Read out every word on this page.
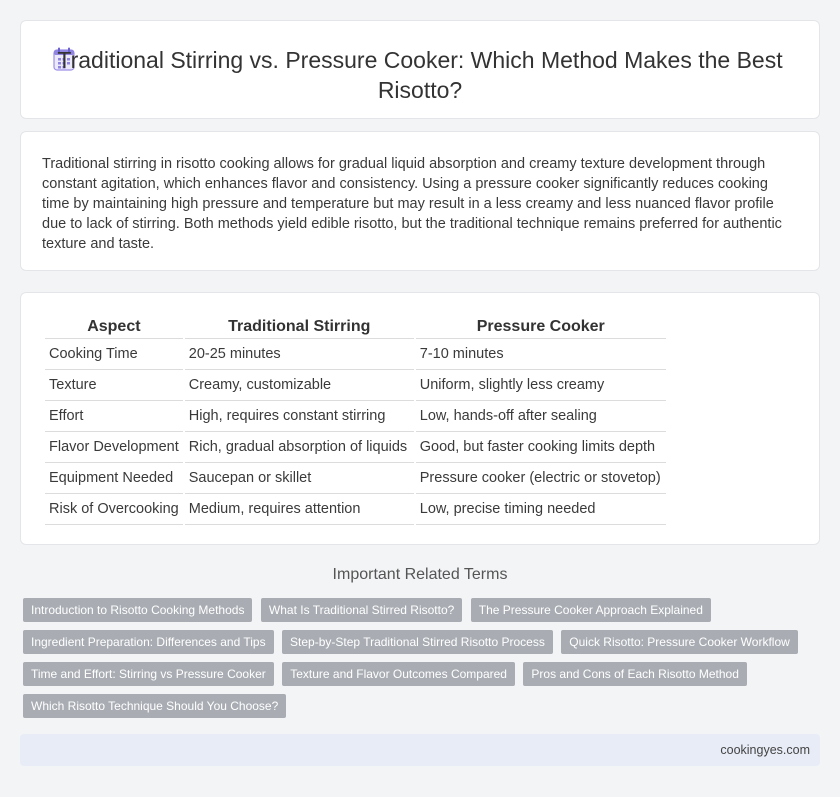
Traditional Stirring vs. Pressure Cooker: Which Method Makes the Best Risotto?

Traditional stirring in risotto cooking allows for gradual liquid absorption and creamy texture development through constant agitation, which enhances flavor and consistency. Using a pressure cooker significantly reduces cooking time by maintaining high pressure and temperature but may result in a less creamy and less nuanced flavor profile due to lack of stirring. Both methods yield edible risotto, but the traditional technique remains preferred for authentic texture and taste.

Aspect	Traditional Stirring	Pressure Cooker
Cooking Time	20-25 minutes	7-10 minutes
Texture	Creamy, customizable	Uniform, slightly less creamy
Effort	High, requires constant stirring	Low, hands-off after sealing
Flavor Development	Rich, gradual absorption of liquids	Good, but faster cooking limits depth
Equipment Needed	Saucepan or skillet	Pressure cooker (electric or stovetop)
Risk of Overcooking	Medium, requires attention	Low, precise timing needed
Important Related Terms
Introduction to Risotto Cooking Methods What Is Traditional Stirred Risotto? The Pressure Cooker Approach Explained Ingredient Preparation: Differences and Tips Step-by-Step Traditional Stirred Risotto Process Quick Risotto: Pressure Cooker Workflow Time and Effort: Stirring vs Pressure Cooker Texture and Flavor Outcomes Compared Pros and Cons of Each Risotto Method Which Risotto Technique Should You Choose?
cookingyes.com
